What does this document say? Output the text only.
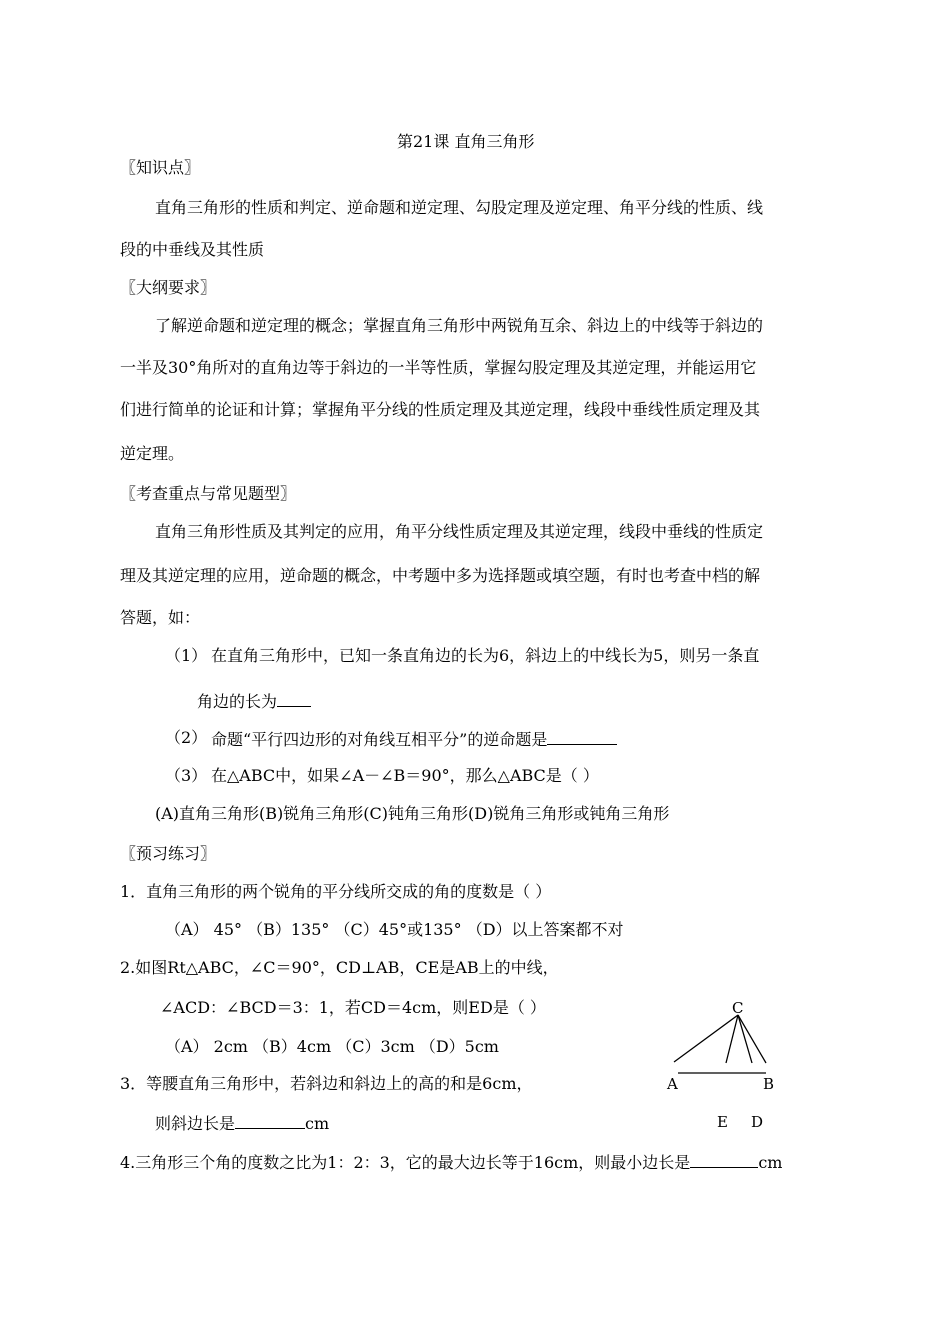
第21课 直角三角形
〖知识点〗
直角三角形的性质和判定、逆命题和逆定理、勾股定理及逆定理、角平分线的性质、线
段的中垂线及其性质
〖大纲要求〗
了解逆命题和逆定理的概念；掌握直角三角形中两锐角互余、斜边上的中线等于斜边的
一半及30°角所对的直角边等于斜边的一半等性质，掌握勾股定理及其逆定理，并能运用它
们进行简单的论证和计算；掌握角平分线的性质定理及其逆定理，线段中垂线性质定理及其
逆定理。
〖考查重点与常见题型〗
直角三角形性质及其判定的应用，角平分线性质定理及其逆定理，线段中垂线的性质定
理及其逆定理的应用，逆命题的概念，中考题中多为选择题或填空题，有时也考查中档的解
答题，如：
（1） 在直角三角形中，已知一条直角边的长为6，斜边上的中线长为5，则另一条直
角边的长为
（2） 命题“平行四边形的对角线互相平分”的逆命题是
（3） 在△ABC中，如果∠A－∠B＝90°，那么△ABC是（ ）
(A)直角三角形(B)锐角三角形(C)钝角三角形(D)锐角三角形或钝角三角形
〖预习练习〗
1．直角三角形的两个锐角的平分线所交成的角的度数是（ ）
（A） 45° （B）135° （C）45°或135° （D）以上答案都不对
2.如图Rt△ABC，∠C＝90°，CD⊥AB，CE是AB上的中线，
∠ACD：∠BCD＝3：1，若CD＝4cm，则ED是（ ）
（A） 2cm （B）4cm （C）3cm （D）5cm
3．等腰直角三角形中，若斜边和斜边上的高的和是6cm，
则斜边长是	cm
4.三角形三个角的度数之比为1：2：3，它的最大边长等于16cm，则最小边长是	cm
C
A	B
E D
